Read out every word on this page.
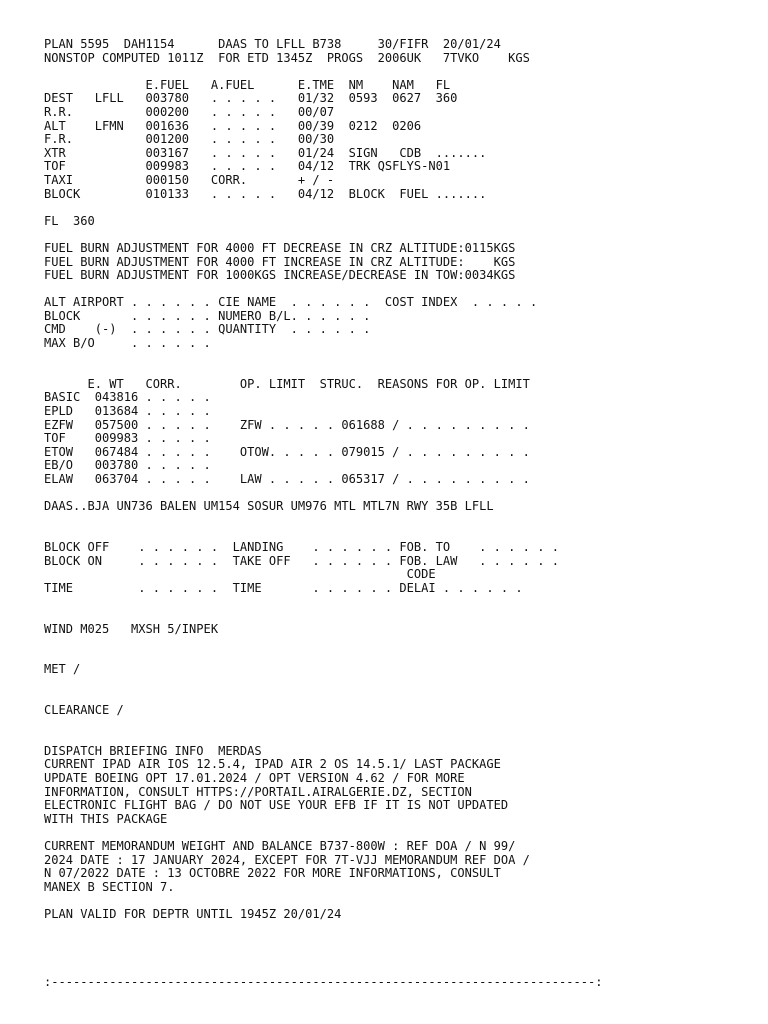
PLAN 5595  DAH1154      DAAS TO LFLL B738     30/FIFR  20/01/24
NONSTOP COMPUTED 1011Z  FOR ETD 1345Z  PROGS  2006UK   7TVKO    KGS
E.FUEL   A.FUEL      E.TME  NM    NAM   FL
DEST   LFLL   003780   . . . . .   01/32  0593  0627  360
R.R.          000200   . . . . .   00/07
ALT    LFMN   001636   . . . . .   00/39  0212  0206
F.R.          001200   . . . . .   00/30
XTR           003167   . . . . .   01/24  SIGN   CDB  .......
TOF           009983   . . . . .   04/12  TRK QSFLYS-N01
TAXI          000150   CORR.       + / -
BLOCK         010133   . . . . .   04/12  BLOCK  FUEL .......
FL  360
FUEL BURN ADJUSTMENT FOR 4000 FT DECREASE IN CRZ ALTITUDE:0115KGS
FUEL BURN ADJUSTMENT FOR 4000 FT INCREASE IN CRZ ALTITUDE:    KGS
FUEL BURN ADJUSTMENT FOR 1000KGS INCREASE/DECREASE IN TOW:0034KGS
ALT AIRPORT . . . . . . CIE NAME  . . . . . .  COST INDEX  . . . . .
BLOCK       . . . . . . NUMERO B/L. . . . . .
CMD    (-)  . . . . . . QUANTITY  . . . . . .
MAX B/O     . . . . . .
E. WT   CORR.        OP. LIMIT  STRUC.  REASONS FOR OP. LIMIT
BASIC  043816 . . . . .
EPLD   013684 . . . . .
EZFW   057500 . . . . .    ZFW . . . . . 061688 / . . . . . . . . .
TOF    009983 . . . . .
ETOW   067484 . . . . .    OTOW. . . . . 079015 / . . . . . . . . .
EB/O   003780 . . . . .
ELAW   063704 . . . . .    LAW . . . . . 065317 / . . . . . . . . .
DAAS..BJA UN736 BALEN UM154 SOSUR UM976 MTL MTL7N RWY 35B LFLL
BLOCK OFF    . . . . . .  LANDING    . . . . . . FOB. TO    . . . . . .
BLOCK ON     . . . . . .  TAKE OFF   . . . . . . FOB. LAW   . . . . . .
CODE
TIME         . . . . . .  TIME       . . . . . . DELAI . . . . . .
WIND M025   MXSH 5/INPEK
MET /
CLEARANCE /
DISPATCH BRIEFING INFO  MERDAS
CURRENT IPAD AIR IOS 12.5.4, IPAD AIR 2 OS 14.5.1/ LAST PACKAGE
UPDATE BOEING OPT 17.01.2024 / OPT VERSION 4.62 / FOR MORE
INFORMATION, CONSULT HTTPS://PORTAIL.AIRALGERIE.DZ, SECTION
ELECTRONIC FLIGHT BAG / DO NOT USE YOUR EFB IF IT IS NOT UPDATED
WITH THIS PACKAGE
CURRENT MEMORANDUM WEIGHT AND BALANCE B737-800W : REF DOA / N 99/
2024 DATE : 17 JANUARY 2024, EXCEPT FOR 7T-VJJ MEMORANDUM REF DOA /
N 07/2022 DATE : 13 OCTOBRE 2022 FOR MORE INFORMATIONS, CONSULT
MANEX B SECTION 7.
PLAN VALID FOR DEPTR UNTIL 1945Z 20/01/24
:---------------------------------------------------------------------------:
